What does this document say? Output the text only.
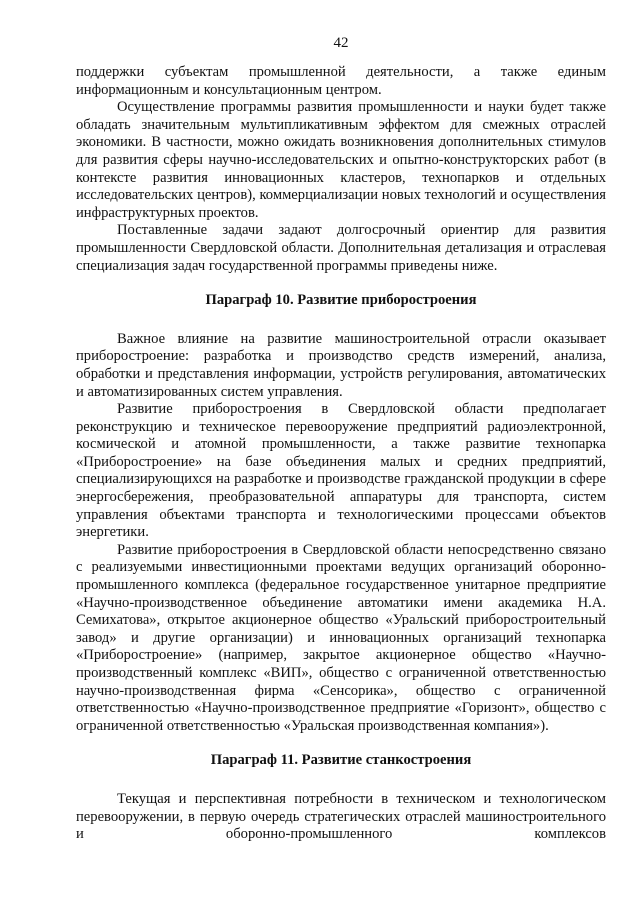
42

поддержки субъектам промышленной деятельности, а также единым информационным и консультационным центром.

Осуществление программы развития промышленности и науки будет также обладать значительным мультипликативным эффектом для смежных отраслей экономики. В частности, можно ожидать возникновения дополнительных стимулов для развития сферы научно-исследовательских и опытно-конструкторских работ (в контексте развития инновационных кластеров, технопарков и отдельных исследовательских центров), коммерциализации новых технологий и осуществления инфраструктурных проектов.

Поставленные задачи задают долгосрочный ориентир для развития промышленности Свердловской области. Дополнительная детализация и отраслевая специализация задач государственной программы приведены ниже.

Параграф 10. Развитие приборостроения

Важное влияние на развитие машиностроительной отрасли оказывает приборостроение: разработка и производство средств измерений, анализа, обработки и представления информации, устройств регулирования, автоматических и автоматизированных систем управления.

Развитие приборостроения в Свердловской области предполагает реконструкцию и техническое перевооружение предприятий радиоэлектронной, космической и атомной промышленности, а также развитие технопарка «Приборостроение» на базе объединения малых и средних предприятий, специализирующихся на разработке и производстве гражданской продукции в сфере энергосбережения, преобразовательной аппаратуры для транспорта, систем управления объектами транспорта и технологическими процессами объектов энергетики.

Развитие приборостроения в Свердловской области непосредственно связано с реализуемыми инвестиционными проектами ведущих организаций оборонно-промышленного комплекса (федеральное государственное унитарное предприятие «Научно-производственное объединение автоматики имени академика Н.А. Семихатова», открытое акционерное общество «Уральский приборостроительный завод» и другие организации) и инновационных организаций технопарка «Приборостроение» (например, закрытое акционерное общество «Научно-производственный комплекс «ВИП», общество с ограниченной ответственностью научно-производственная фирма «Сенсорика», общество с ограниченной ответственностью «Научно-производственное предприятие «Горизонт», общество с ограниченной ответственностью «Уральская производственная компания»).

Параграф 11. Развитие станкостроения

Текущая и перспективная потребности в техническом и технологическом перевооружении, в первую очередь стратегических отраслей машиностроительного и оборонно-промышленного комплексов
